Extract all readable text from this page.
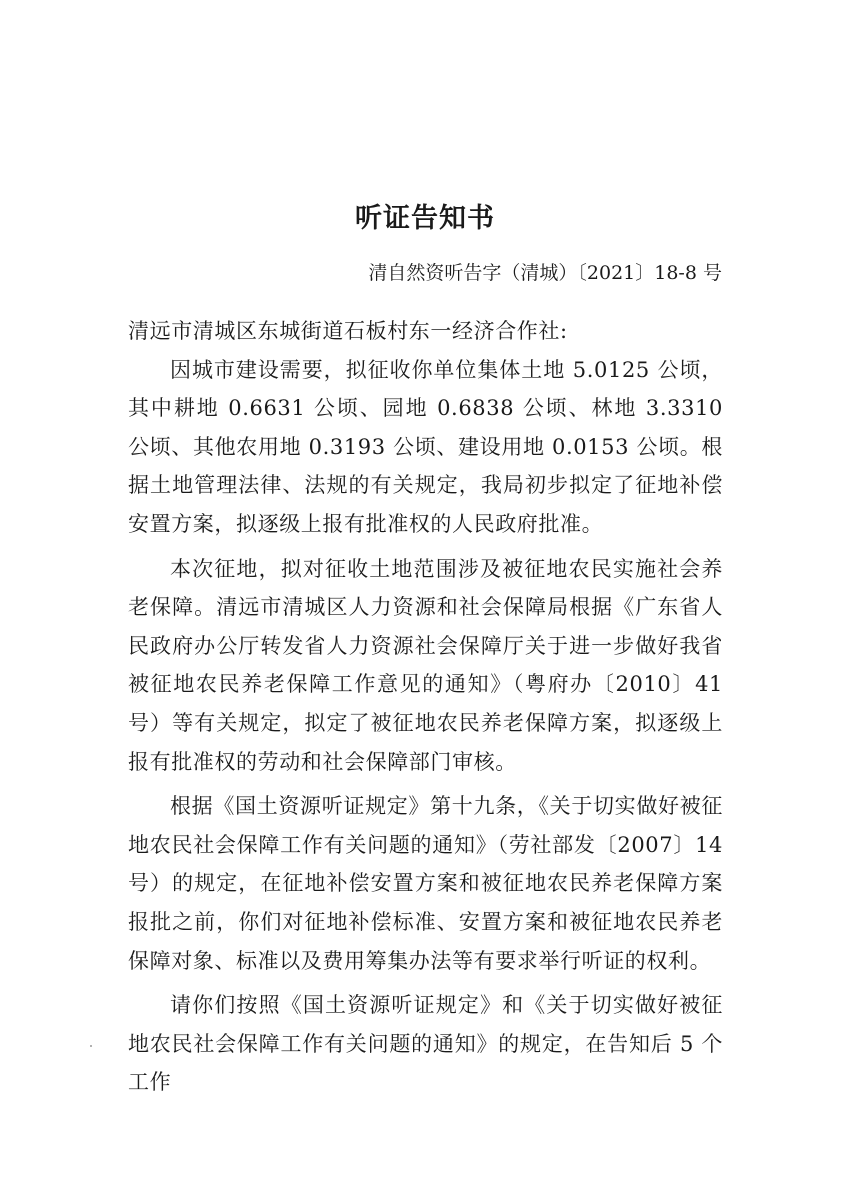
听证告知书

清自然资听告字（清城）〔2021〕18-8 号

清远市清城区东城街道石板村东一经济合作社:

因城市建设需要，拟征收你单位集体土地 5.0125 公顷，其中耕地 0.6631 公顷、园地 0.6838 公顷、林地 3.3310 公顷、其他农用地 0.3193 公顷、建设用地 0.0153 公顷。根据土地管理法律、法规的有关规定，我局初步拟定了征地补偿安置方案，拟逐级上报有批准权的人民政府批准。

本次征地，拟对征收土地范围涉及被征地农民实施社会养老保障。清远市清城区人力资源和社会保障局根据《广东省人民政府办公厅转发省人力资源社会保障厅关于进一步做好我省被征地农民养老保障工作意见的通知》（粤府办〔2010〕41 号）等有关规定，拟定了被征地农民养老保障方案，拟逐级上报有批准权的劳动和社会保障部门审核。

根据《国土资源听证规定》第十九条，《关于切实做好被征地农民社会保障工作有关问题的通知》（劳社部发〔2007〕14 号）的规定，在征地补偿安置方案和被征地农民养老保障方案报批之前，你们对征地补偿标准、安置方案和被征地农民养老保障对象、标准以及费用筹集办法等有要求举行听证的权利。

请你们按照《国土资源听证规定》和《关于切实做好被征地农民社会保障工作有关问题的通知》的规定，在告知后 5 个工作
